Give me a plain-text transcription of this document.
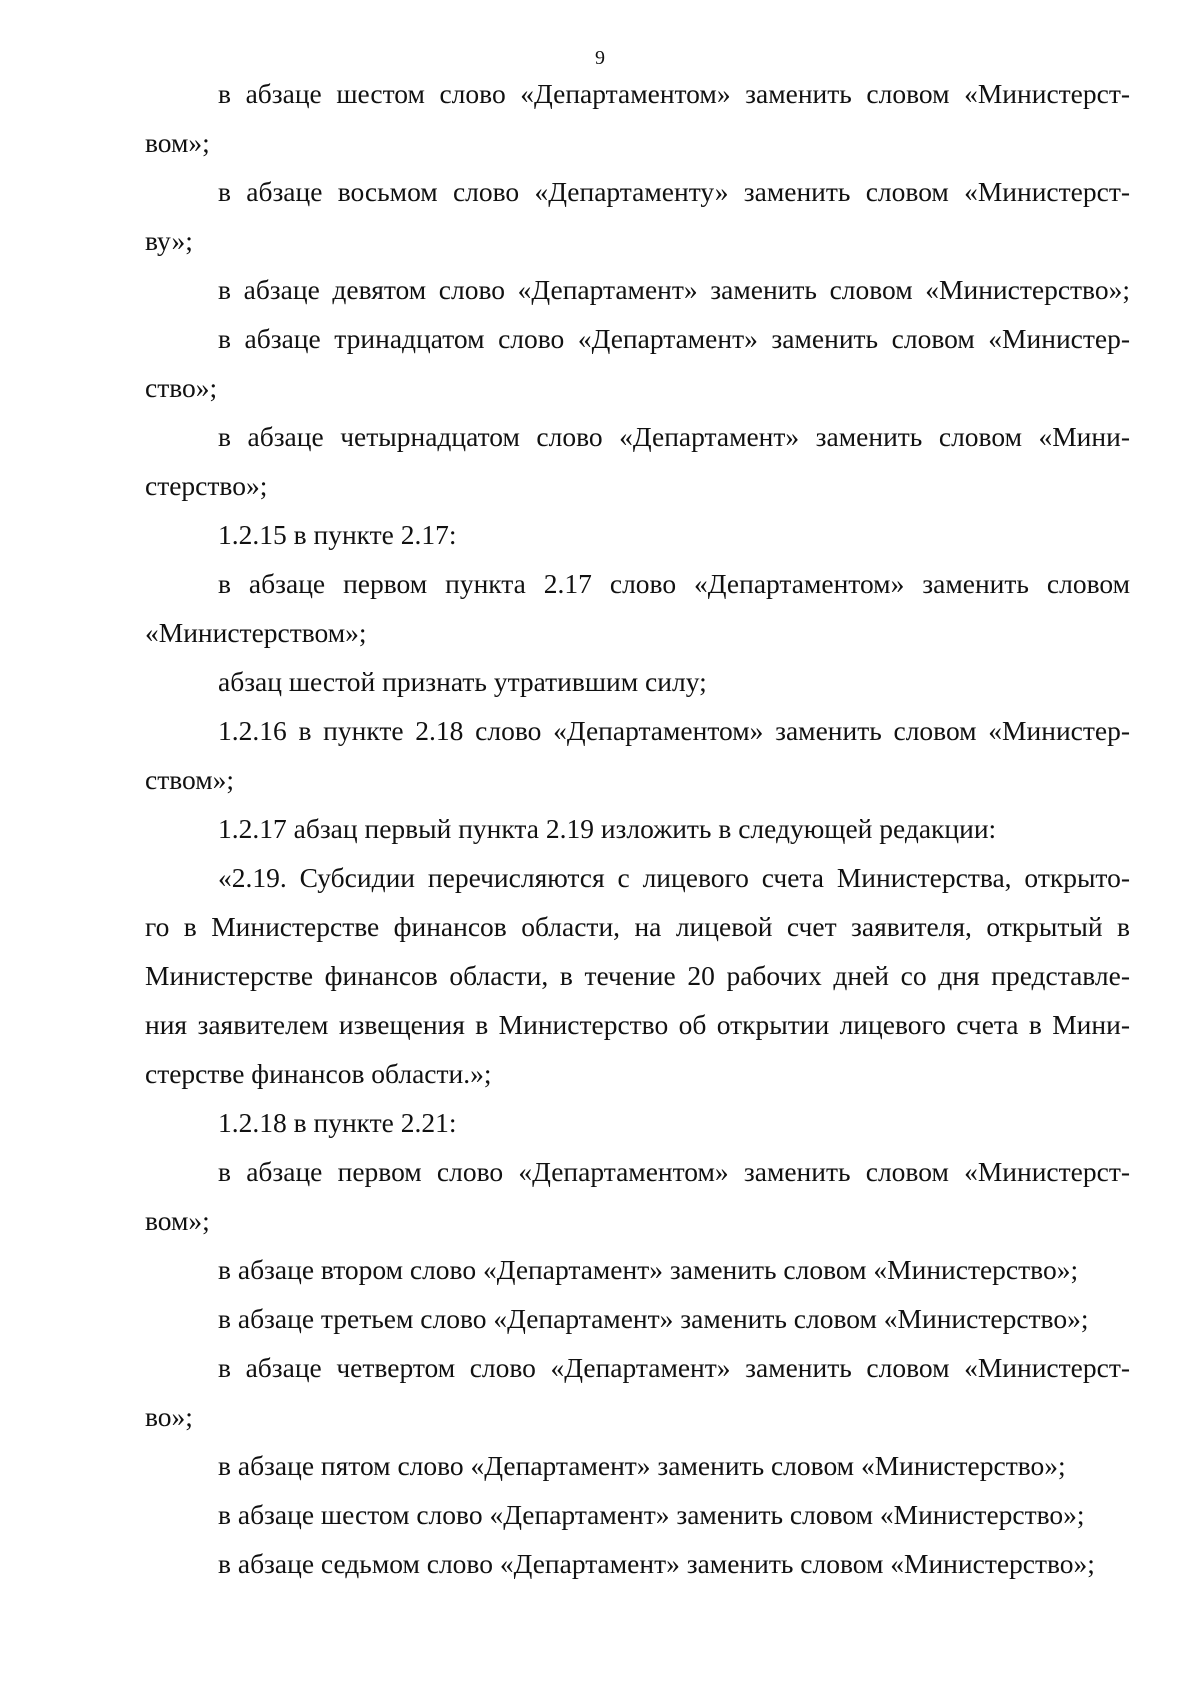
9
в абзаце шестом слово «Департаментом» заменить словом «Министерст-
вом»;
в абзаце восьмом слово «Департаменту» заменить словом «Министерст-
ву»;
в абзаце девятом слово «Департамент» заменить словом «Министерство»;
в абзаце тринадцатом слово «Департамент» заменить словом «Министер-
ство»;
в абзаце четырнадцатом слово «Департамент» заменить словом «Мини-
стерство»;
1.2.15 в пункте 2.17:
в абзаце первом пункта 2.17 слово «Департаментом» заменить словом
«Министерством»;
абзац шестой признать утратившим силу;
1.2.16 в пункте 2.18 слово «Департаментом» заменить словом «Министер-
ством»;
1.2.17 абзац первый пункта 2.19 изложить в следующей редакции:
«2.19. Субсидии перечисляются с лицевого счета Министерства, открыто-
го в Министерстве финансов области, на лицевой счет заявителя, открытый в
Министерстве финансов области, в течение 20 рабочих дней со дня представле-
ния заявителем извещения в Министерство об открытии лицевого счета в Мини-
стерстве финансов области.»;
1.2.18 в пункте 2.21:
в абзаце первом слово «Департаментом» заменить словом «Министерст-
вом»;
в абзаце втором слово «Департамент» заменить словом «Министерство»;
в абзаце третьем слово «Департамент» заменить словом «Министерство»;
в абзаце четвертом слово «Департамент» заменить словом «Министерст-
во»;
в абзаце пятом слово «Департамент» заменить словом «Министерство»;
в абзаце шестом слово «Департамент» заменить словом «Министерство»;
в абзаце седьмом слово «Департамент» заменить словом «Министерство»;
